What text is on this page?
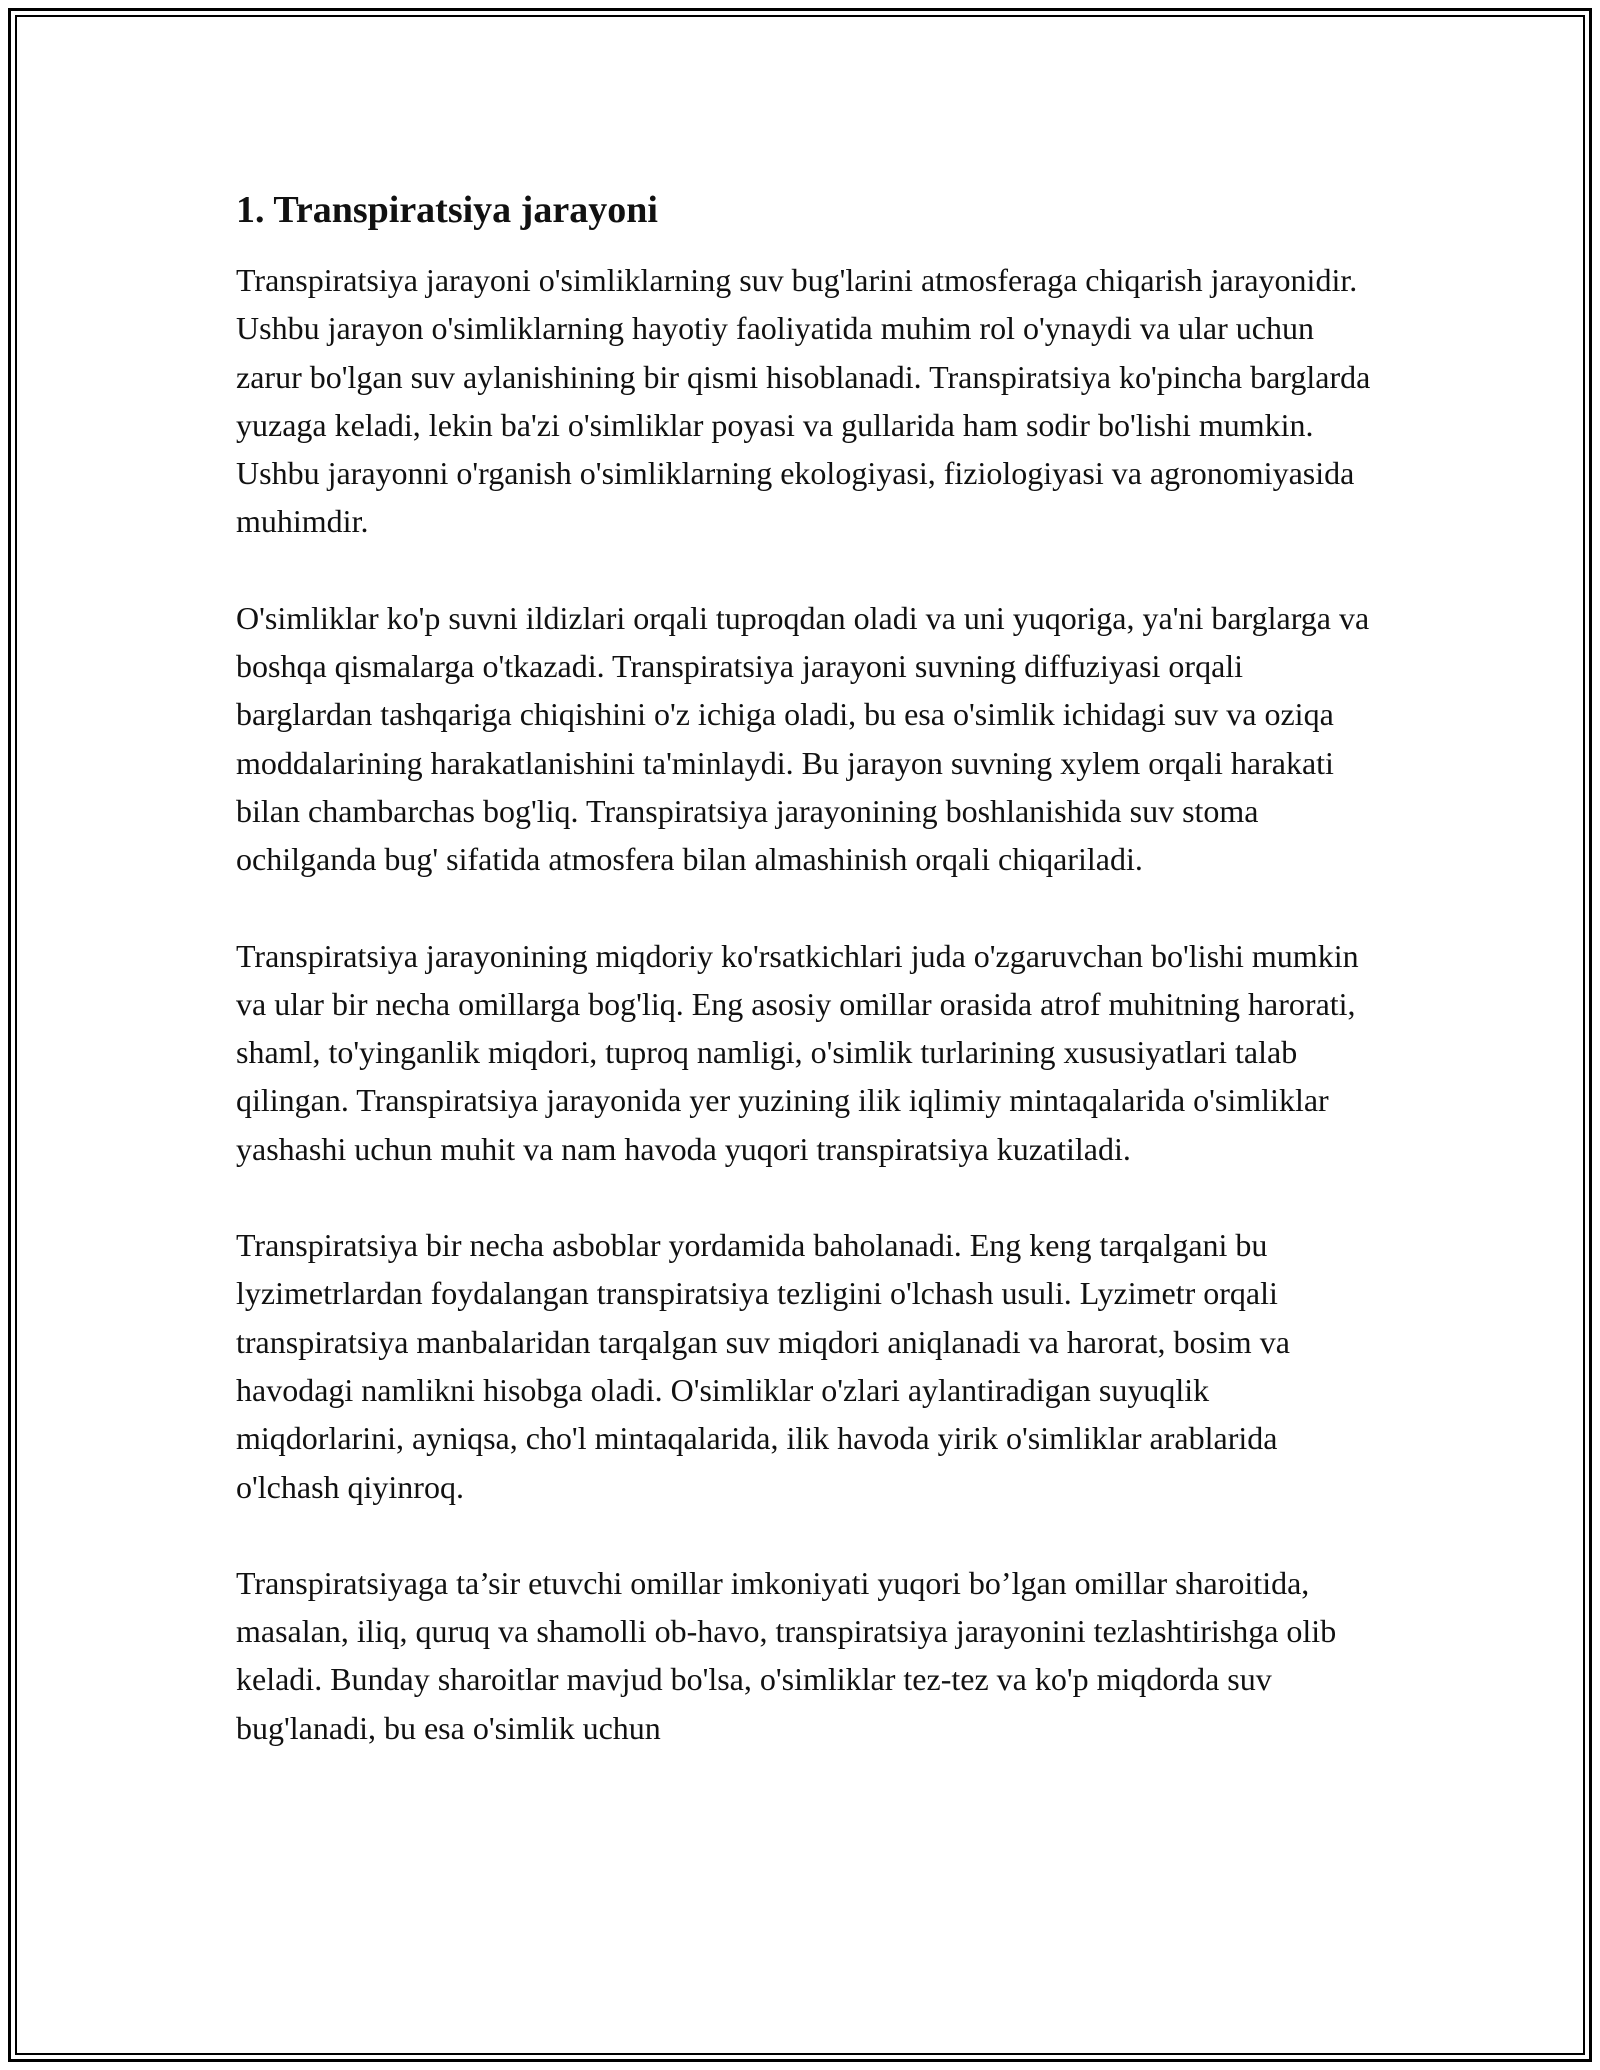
1. Transpiratsiya jarayoni

Transpiratsiya jarayoni o'simliklarning suv bug'larini atmosferaga chiqarish jarayonidir. Ushbu jarayon o'simliklarning hayotiy faoliyatida muhim rol o'ynaydi va ular uchun zarur bo'lgan suv aylanishining bir qismi hisoblanadi. Transpiratsiya ko'pincha barglarda yuzaga keladi, lekin ba'zi o'simliklar poyasi va gullarida ham sodir bo'lishi mumkin. Ushbu jarayonni o'rganish o'simliklarning ekologiyasi, fiziologiyasi va agronomiyasida muhimdir.

O'simliklar ko'p suvni ildizlari orqali tuproqdan oladi va uni yuqoriga, ya'ni barglarga va boshqa qismalarga o'tkazadi. Transpiratsiya jarayoni suvning diffuziyasi orqali barglardan tashqariga chiqishini o'z ichiga oladi, bu esa o'simlik ichidagi suv va oziqa moddalarining harakatlanishini ta'minlaydi. Bu jarayon suvning xylem orqali harakati bilan chambarchas bog'liq. Transpiratsiya jarayonining boshlanishida suv stoma ochilganda bug' sifatida atmosfera bilan almashinish orqali chiqariladi.

Transpiratsiya jarayonining miqdoriy ko'rsatkichlari juda o'zgaruvchan bo'lishi mumkin va ular bir necha omillarga bog'liq. Eng asosiy omillar orasida atrof muhitning harorati, shaml, to'yinganlik miqdori, tuproq namligi, o'simlik turlarining xususiyatlari talab qilingan. Transpiratsiya jarayonida yer yuzining ilik iqlimiy mintaqalarida o'simliklar yashashi uchun muhit va nam havoda yuqori transpiratsiya kuzatiladi.

Transpiratsiya bir necha asboblar yordamida baholanadi. Eng keng tarqalgani bu lyzimetrlardan foydalangan transpiratsiya tezligini o'lchash usuli. Lyzimetr orqali transpiratsiya manbalaridan tarqalgan suv miqdori aniqlanadi va harorat, bosim va havodagi namlikni hisobga oladi. O'simliklar o'zlari aylantiradigan suyuqlik miqdorlarini, ayniqsa, cho'l mintaqalarida, ilik havoda yirik o'simliklar arablarida o'lchash qiyinroq.

Transpiratsiyaga ta’sir etuvchi omillar imkoniyati yuqori bo’lgan omillar sharoitida, masalan, iliq, quruq va shamolli ob-havo, transpiratsiya jarayonini tezlashtirishga olib keladi. Bunday sharoitlar mavjud bo'lsa, o'simliklar tez-tez va ko'p miqdorda suv bug'lanadi, bu esa o'simlik uchun
